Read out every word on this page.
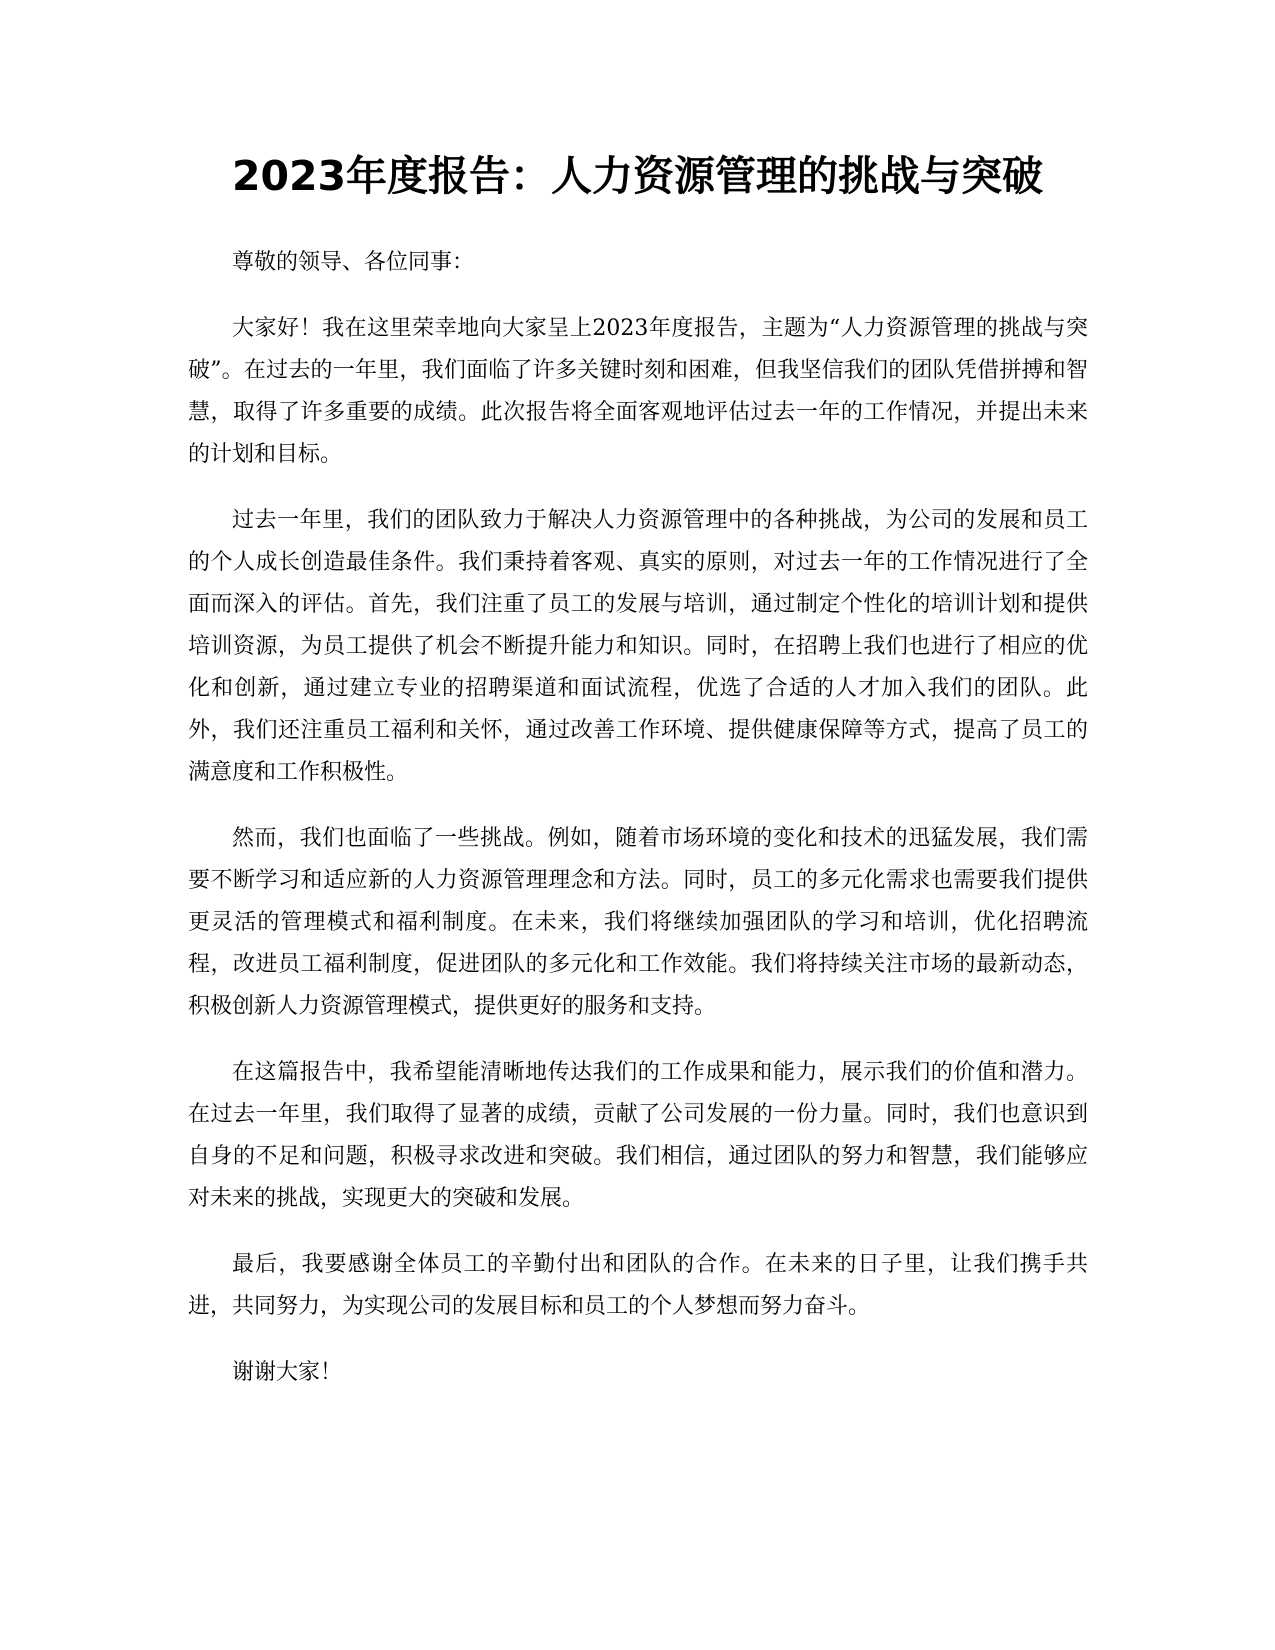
2023年度报告：人力资源管理的挑战与突破

尊敬的领导、各位同事：

大家好！我在这里荣幸地向大家呈上2023年度报告，主题为“人力资源管理的挑战与突破”。在过去的一年里，我们面临了许多关键时刻和困难，但我坚信我们的团队凭借拼搏和智慧，取得了许多重要的成绩。此次报告将全面客观地评估过去一年的工作情况，并提出未来的计划和目标。

过去一年里，我们的团队致力于解决人力资源管理中的各种挑战，为公司的发展和员工的个人成长创造最佳条件。我们秉持着客观、真实的原则，对过去一年的工作情况进行了全面而深入的评估。首先，我们注重了员工的发展与培训，通过制定个性化的培训计划和提供培训资源，为员工提供了机会不断提升能力和知识。同时，在招聘上我们也进行了相应的优化和创新，通过建立专业的招聘渠道和面试流程，优选了合适的人才加入我们的团队。此外，我们还注重员工福利和关怀，通过改善工作环境、提供健康保障等方式，提高了员工的满意度和工作积极性。

然而，我们也面临了一些挑战。例如，随着市场环境的变化和技术的迅猛发展，我们需要不断学习和适应新的人力资源管理理念和方法。同时，员工的多元化需求也需要我们提供更灵活的管理模式和福利制度。在未来，我们将继续加强团队的学习和培训，优化招聘流程，改进员工福利制度，促进团队的多元化和工作效能。我们将持续关注市场的最新动态，积极创新人力资源管理模式，提供更好的服务和支持。

在这篇报告中，我希望能清晰地传达我们的工作成果和能力，展示我们的价值和潜力。在过去一年里，我们取得了显著的成绩，贡献了公司发展的一份力量。同时，我们也意识到自身的不足和问题，积极寻求改进和突破。我们相信，通过团队的努力和智慧，我们能够应对未来的挑战，实现更大的突破和发展。

最后，我要感谢全体员工的辛勤付出和团队的合作。在未来的日子里，让我们携手共进，共同努力，为实现公司的发展目标和员工的个人梦想而努力奋斗。

谢谢大家！
